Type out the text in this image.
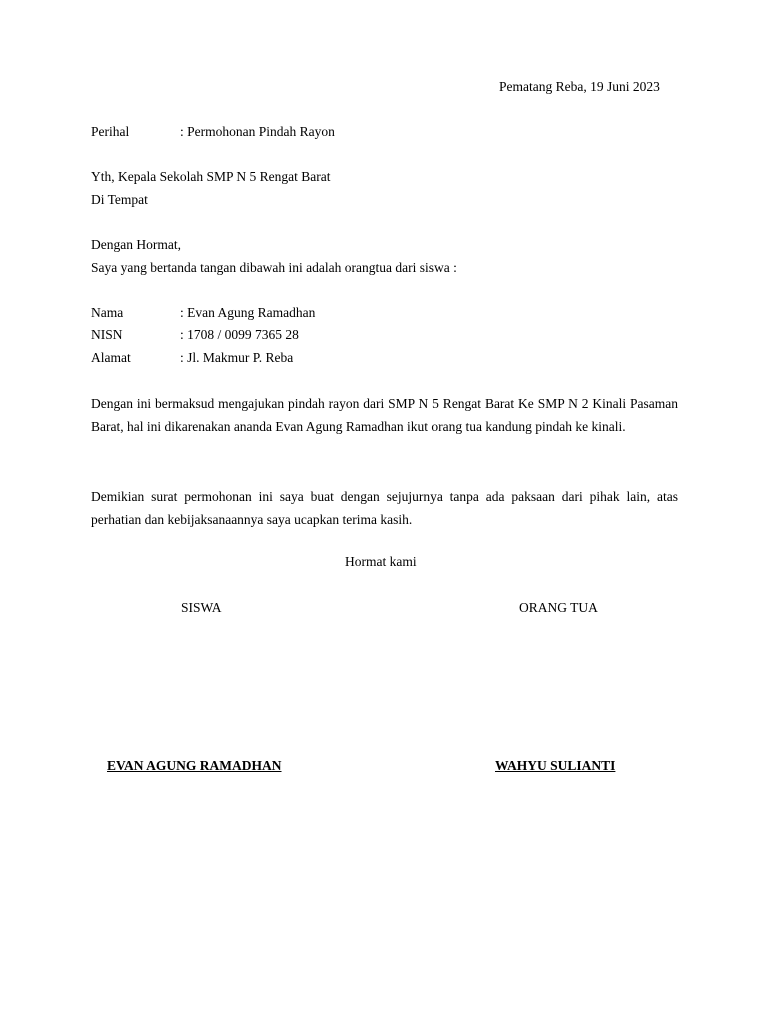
Pematang Reba, 19 Juni 2023
Perihal	: Permohonan Pindah Rayon
Yth, Kepala Sekolah SMP N 5 Rengat Barat
Di Tempat
Dengan Hormat,
Saya yang bertanda tangan dibawah ini adalah orangtua dari siswa :
Nama	: Evan Agung Ramadhan
NISN	: 1708 / 0099 7365 28
Alamat	: Jl. Makmur P. Reba
Dengan ini bermaksud mengajukan pindah rayon dari SMP N 5 Rengat Barat Ke SMP N 2 Kinali Pasaman Barat, hal ini dikarenakan ananda Evan Agung Ramadhan ikut orang tua kandung pindah ke kinali.
Demikian surat permohonan ini saya buat dengan sejujurnya tanpa ada paksaan dari pihak lain, atas perhatian dan kebijaksanaannya saya ucapkan terima kasih.
Hormat kami
SISWA	ORANG TUA
EVAN AGUNG RAMADHAN	WAHYU SULIANTI
